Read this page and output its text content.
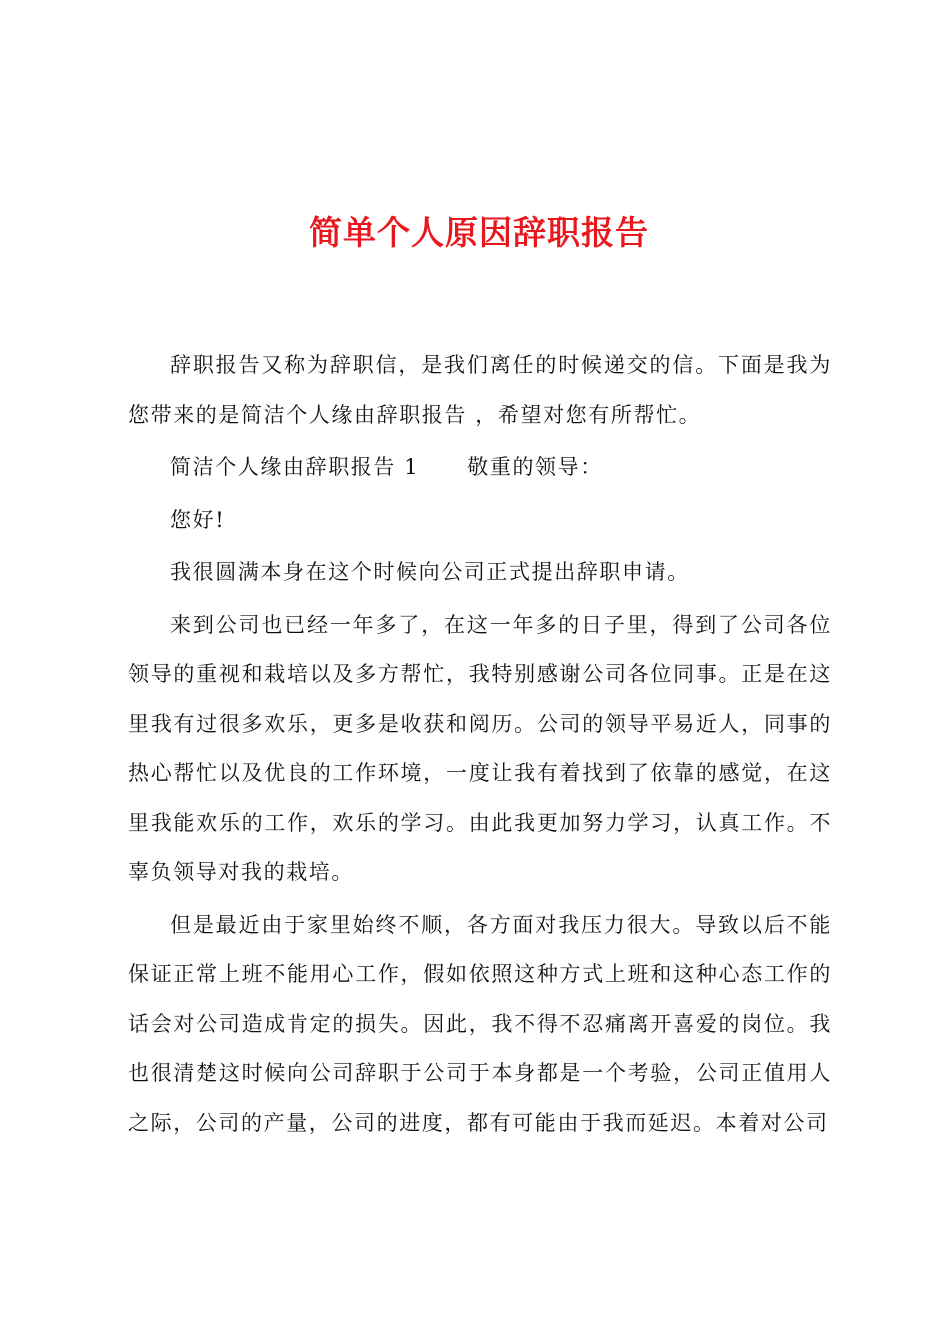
简单个人原因辞职报告

辞职报告又称为辞职信，是我们离任的时候递交的信。下面是我为您带来的是简洁个人缘由辞职报告 ，希望对您有所帮忙。

简洁个人缘由辞职报告 1 敬重的领导：

您好!

我很圆满本身在这个时候向公司正式提出辞职申请。

来到公司也已经一年多了，在这一年多的日子里，得到了公司各位领导的重视和栽培以及多方帮忙，我特别感谢公司各位同事。正是在这里我有过很多欢乐，更多是收获和阅历。公司的领导平易近人，同事的热心帮忙以及优良的工作环境，一度让我有着找到了依靠的感觉，在这里我能欢乐的工作，欢乐的学习。由此我更加努力学习，认真工作。不辜负领导对我的栽培。

但是最近由于家里始终不顺，各方面对我压力很大。导致以后不能保证正常上班不能用心工作，假如依照这种方式上班和这种心态工作的话会对公司造成肯定的损失。因此，我不得不忍痛离开喜爱的岗位。我也很清楚这时候向公司辞职于公司于本身都是一个考验，公司正值用人之际，公司的产量，公司的进度，都有可能由于我而延迟。本着对公司
